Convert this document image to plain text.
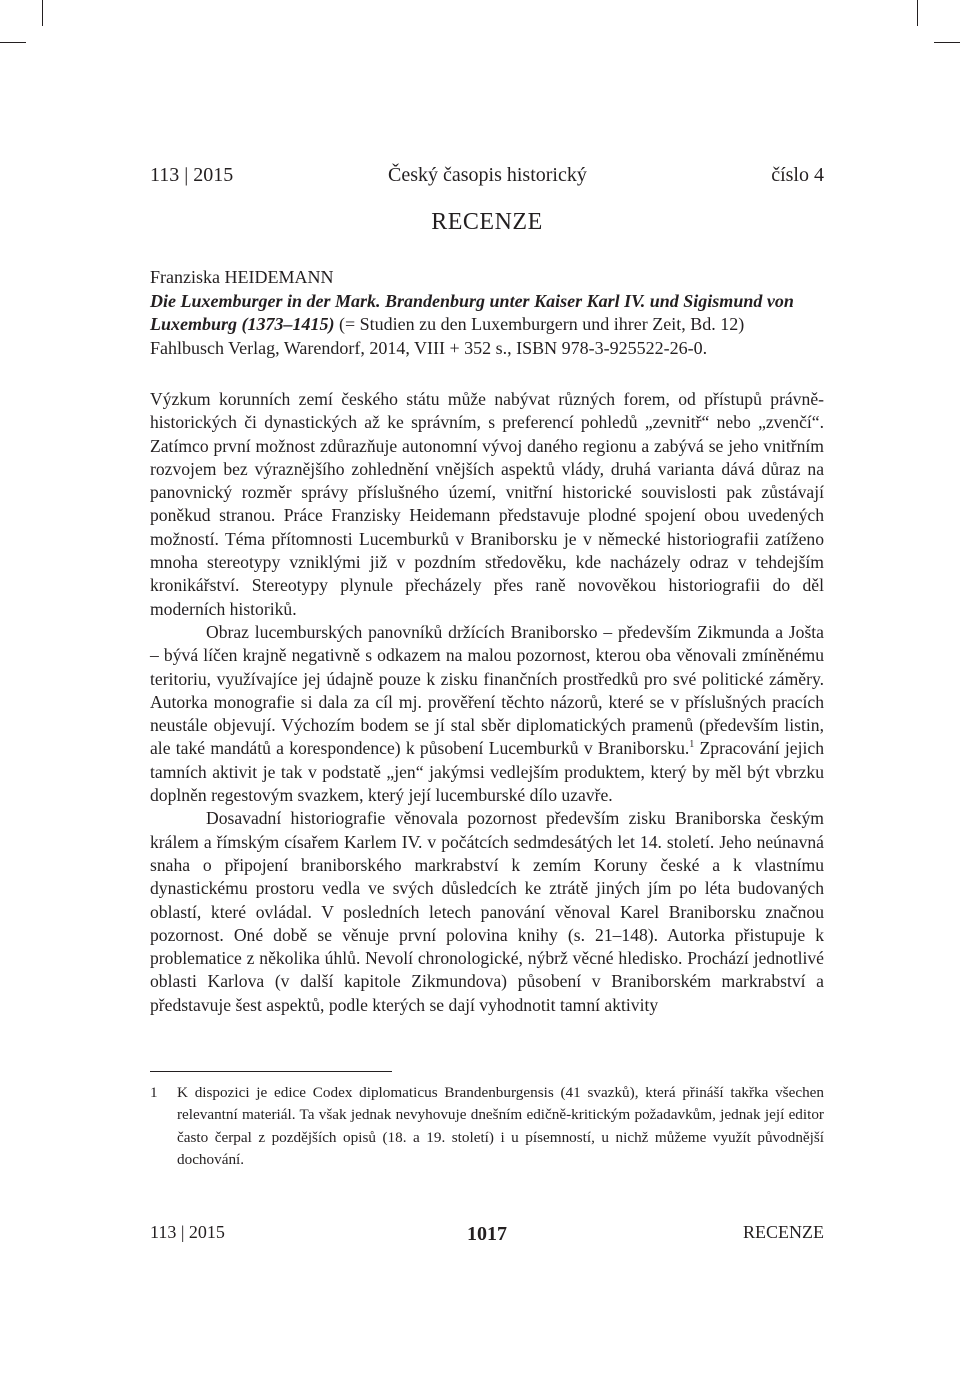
113 | 2015	Český časopis historický	číslo 4
RECENZE
Franziska HEIDEMANN
Die Luxemburger in der Mark. Brandenburg unter Kaiser Karl IV. und Sigismund von Luxemburg (1373–1415) (= Studien zu den Luxemburgern und ihrer Zeit, Bd. 12)
Fahlbusch Verlag, Warendorf, 2014, VIII + 352 s., ISBN 978-3-925522-26-0.

Výzkum korunních zemí českého státu může nabývat různých forem, od přístupů právněhistorických či dynastických až ke správním, s preferencí pohledů „zevnitř“ nebo „zvenčí“. Zatímco první možnost zdůrazňuje autonomní vývoj daného regionu a zabývá se jeho vnitřním rozvojem bez výraznějšího zohlednění vnějších aspektů vlády, druhá varianta dává důraz na panovnický rozměr správy příslušného území, vnitřní historické souvislosti pak zůstávají poněkud stranou. Práce Franzisky Heidemann představuje plodné spojení obou uvedených možností. Téma přítomnosti Lucemburků v Braniborsku je v německé historiografii zatíženo mnoha stereotypy vzniklými již v pozdním středověku, kde nacházely odraz v tehdejším kronikářství. Stereotypy plynule přecházely přes raně novověkou historiografii do děl moderních historiků.

Obraz lucemburských panovníků držících Braniborsko – především Zikmunda a Jošta – bývá líčen krajně negativně s odkazem na malou pozornost, kterou oba věnovali zmíněnému teritoriu, využívajíce jej údajně pouze k zisku finančních prostředků pro své politické záměry. Autorka monografie si dala za cíl mj. prověření těchto názorů, které se v příslušných pracích neustále objevují. Výchozím bodem se jí stal sběr diplomatických pramenů (především listin, ale také mandátů a korespondence) k působení Lucemburků v Braniborsku.$^1$ Zpracování jejich tamních aktivit je tak v podstatě „jen“ jakýmsi vedlejším produktem, který by měl být vbrzku doplněn regestovým svazkem, který její lucemburské dílo uzavře.

Dosavadní historiografie věnovala pozornost především zisku Braniborska českým králem a římským císařem Karlem IV. v počátcích sedmdesátých let 14. století. Jeho neúnavná snaha o připojení braniborského markrabství k zemím Koruny české a k vlastnímu dynastickému prostoru vedla ve svých důsledcích ke ztrátě jiných jím po léta budovaných oblastí, které ovládal. V posledních letech panování věnoval Karel Braniborsku značnou pozornost. Oné době se věnuje první polovina knihy (s. 21–148). Autorka přistupuje k problematice z několika úhlů. Nevolí chronologické, nýbrž věcné hledisko. Prochází jednotlivé oblasti Karlova (v další kapitole Zikmundova) působení v Braniborském markrabství a představuje šest aspektů, podle kterých se dají vyhodnotit tamní aktivity

1 K dispozici je edice Codex diplomaticus Brandenburgensis (41 svazků), která přináší takřka všechen relevantní materiál. Ta však jednak nevyhovuje dnešním edičně-kritickým požadavkům, jednak její editor často čerpal z pozdějších opisů (18. a 19. století) i u písemností, u nichž můžeme využít původnější dochování.
113 | 2015	1017	RECENZE
